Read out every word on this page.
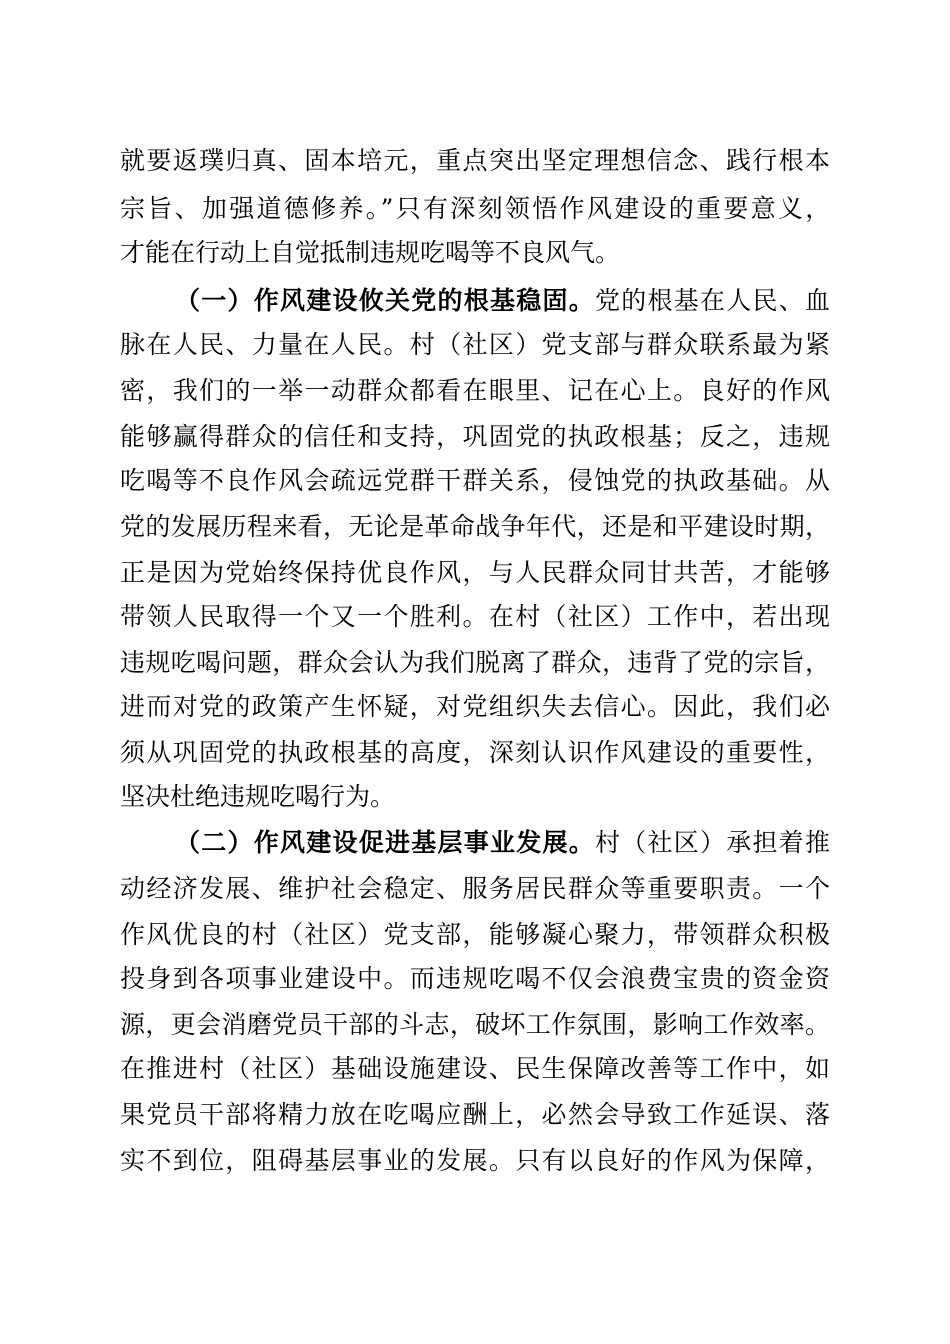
就要返璞归真、固本培元，重点突出坚定理想信念、践行根本
宗旨、加强道德修养。”只有深刻领悟作风建设的重要意义，
才能在行动上自觉抵制违规吃喝等不良风气。
（一）作风建设攸关党的根基稳固。党的根基在人民、血
脉在人民、力量在人民。村（社区）党支部与群众联系最为紧
密，我们的一举一动群众都看在眼里、记在心上。良好的作风
能够赢得群众的信任和支持，巩固党的执政根基；反之，违规
吃喝等不良作风会疏远党群干群关系，侵蚀党的执政基础。从
党的发展历程来看，无论是革命战争年代，还是和平建设时期，
正是因为党始终保持优良作风，与人民群众同甘共苦，才能够
带领人民取得一个又一个胜利。在村（社区）工作中，若出现
违规吃喝问题，群众会认为我们脱离了群众，违背了党的宗旨，
进而对党的政策产生怀疑，对党组织失去信心。因此，我们必
须从巩固党的执政根基的高度，深刻认识作风建设的重要性，
坚决杜绝违规吃喝行为。
（二）作风建设促进基层事业发展。村（社区）承担着推
动经济发展、维护社会稳定、服务居民群众等重要职责。一个
作风优良的村（社区）党支部，能够凝心聚力，带领群众积极
投身到各项事业建设中。而违规吃喝不仅会浪费宝贵的资金资
源，更会消磨党员干部的斗志，破坏工作氛围，影响工作效率。
在推进村（社区）基础设施建设、民生保障改善等工作中，如
果党员干部将精力放在吃喝应酬上，必然会导致工作延误、落
实不到位，阻碍基层事业的发展。只有以良好的作风为保障，
